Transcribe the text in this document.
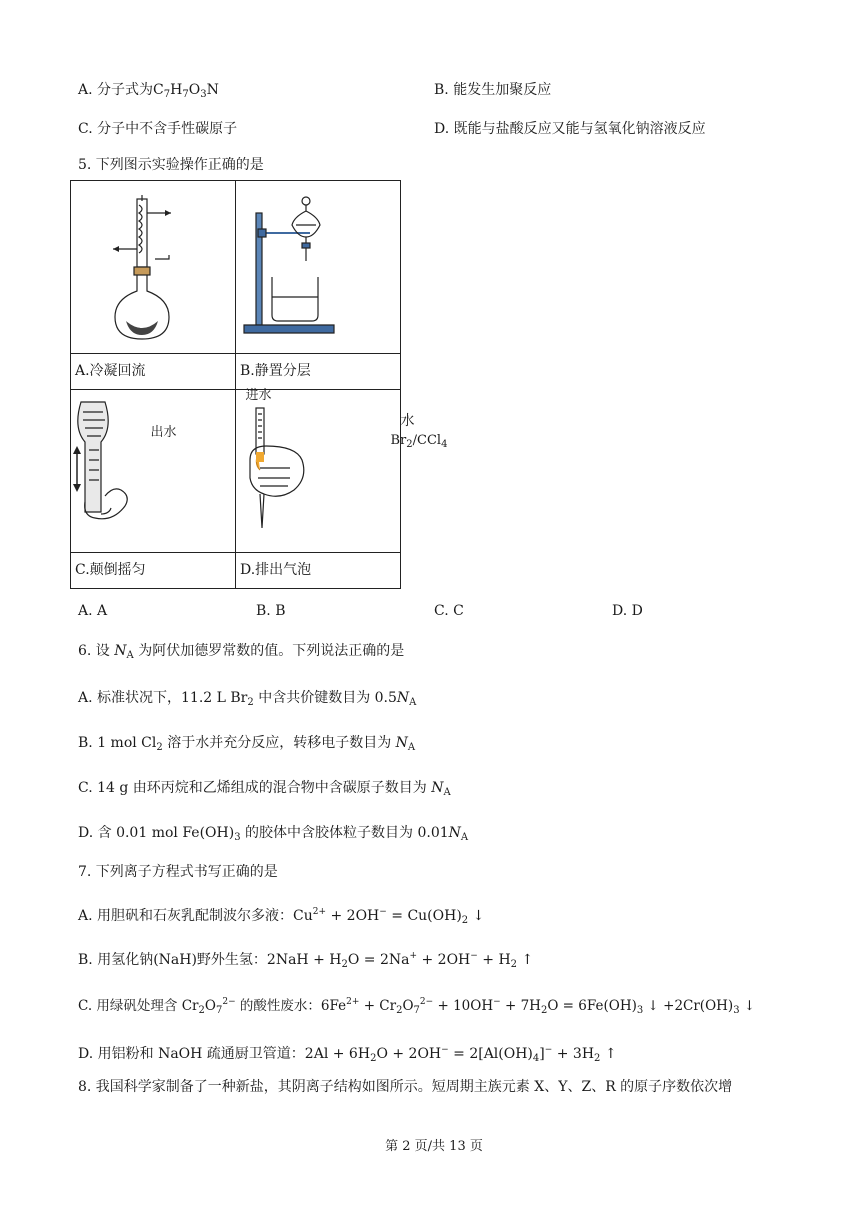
A. 分子式为$C_7H_7O_3N$	B. 能发生加聚反应
C. 分子中不含手性碳原子	D. 既能与盐酸反应又能与氢氧化钠溶液反应
5. 下列图示实验操作正确的是
进水
出水	水
$Br_2/CCl_4$

A.冷凝回流	B.静置分层

C.颠倒摇匀	D.排出气泡
A. A	B. B	C. C	D. D
6. 设 $N_A$ 为阿伏加德罗常数的值。下列说法正确的是
A. 标准状况下，11.2 L $Br_2$ 中含共价键数目为 $0.5N_A$
B. 1 mol $Cl_2$ 溶于水并充分反应，转移电子数目为 $N_A$
C. 14 g 由环丙烷和乙烯组成的混合物中含碳原子数目为 $N_A$
D. 含 0.01 mol $Fe(OH)_3$ 的胶体中含胶体粒子数目为 $0.01N_A$
7. 下列离子方程式书写正确的是
A. 用胆矾和石灰乳配制波尔多液：$Cu^{2+} + 2OH^- = Cu(OH)_2$ ↓
B. 用氢化钠(NaH)野外生氢：$2NaH + H_2O = 2Na^+ + 2OH^- + H_2$ ↑
C. 用绿矾处理含 $Cr_2O_7^{2-}$ 的酸性废水：$6Fe^{2+} + Cr_2O_7^{2-} + 10OH^- + 7H_2O = 6Fe(OH)_3$ ↓ $+2Cr(OH)_3$ ↓
D. 用铝粉和 NaOH 疏通厨卫管道：$2Al + 6H_2O + 2OH^- = 2[Al(OH)_4]^- + 3H_2$ ↑
8. 我国科学家制备了一种新盐，其阴离子结构如图所示。短周期主族元素 X、Y、Z、R 的原子序数依次增
第 2 页/共 13 页
